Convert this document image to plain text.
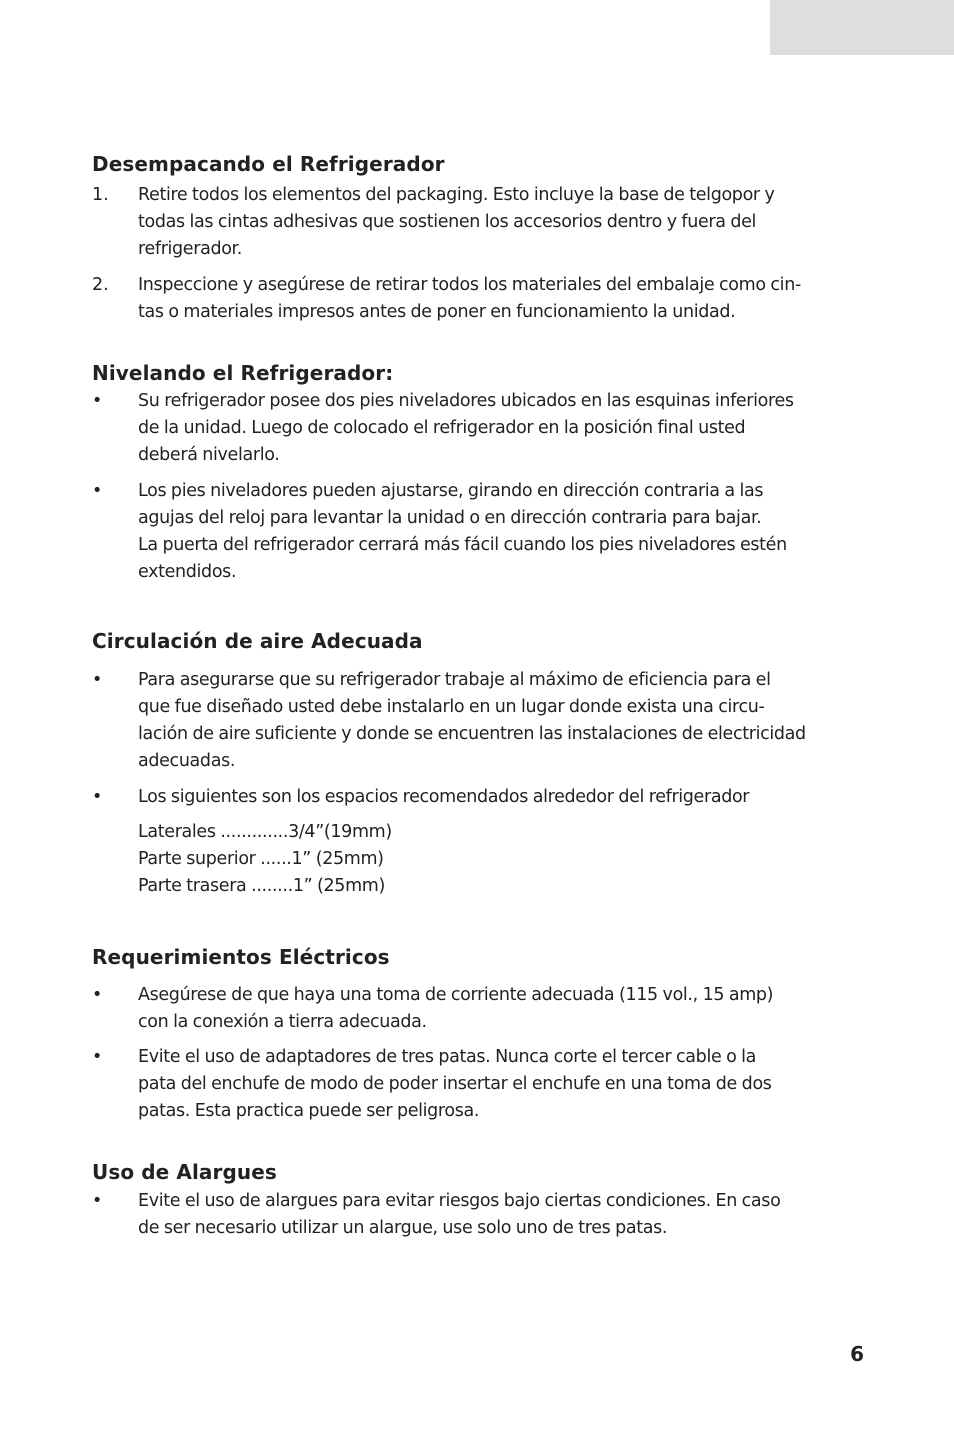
Desempacando el Refrigerador
1.	Retire todos los elementos del packaging. Esto incluye la base de telgopor y
todas las cintas adhesivas que sostienen los accesorios dentro y fuera del
refrigerador.
2.	Inspeccione y asegúrese de retirar todos los materiales del embalaje como cin-
tas o materiales impresos antes de poner en funcionamiento la unidad.
Nivelando el Refrigerador:
•	Su refrigerador posee dos pies niveladores ubicados en las esquinas inferiores
de la unidad. Luego de colocado el refrigerador en la posición final usted
deberá nivelarlo.
•	Los pies niveladores pueden ajustarse, girando en dirección contraria a las
agujas del reloj para levantar la unidad o en dirección contraria para bajar.
La puerta del refrigerador cerrará más fácil cuando los pies niveladores estén
extendidos.
Circulación de aire Adecuada
•	Para asegurarse que su refrigerador trabaje al máximo de eficiencia para el
que fue diseñado usted debe instalarlo en un lugar donde exista una circu-
lación de aire suficiente y donde se encuentren las instalaciones de electricidad
adecuadas.
•	Los siguientes son los espacios recomendados alrededor del refrigerador
Laterales .............3/4”(19mm)
Parte superior ......1” (25mm)
Parte trasera ........1” (25mm)
Requerimientos Eléctricos
•	Asegúrese de que haya una toma de corriente adecuada (115 vol., 15 amp)
con la conexión a tierra adecuada.
•	Evite el uso de adaptadores de tres patas. Nunca corte el tercer cable o la
pata del enchufe de modo de poder insertar el enchufe en una toma de dos
patas. Esta practica puede ser peligrosa.
Uso de Alargues
•	Evite el uso de alargues para evitar riesgos bajo ciertas condiciones. En caso
de ser necesario utilizar un alargue, use solo uno de tres patas.
6
